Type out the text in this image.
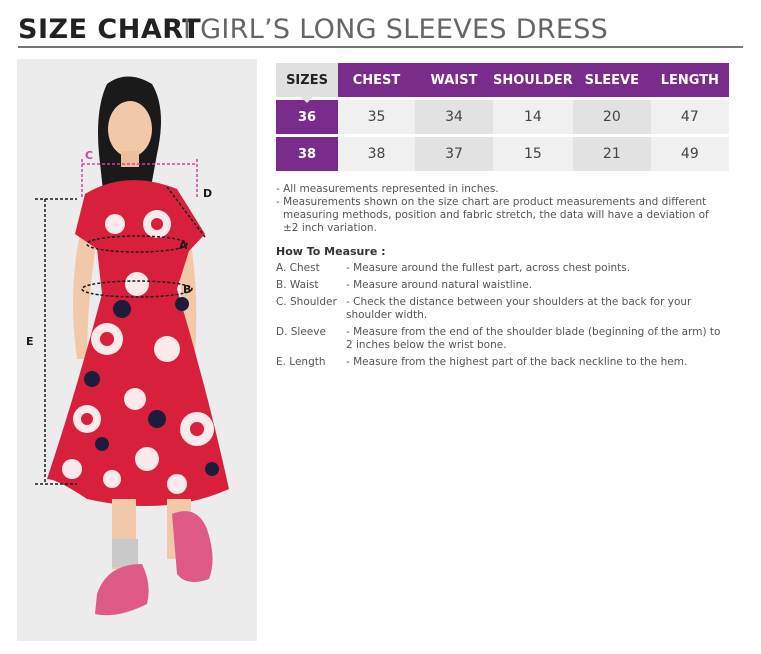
SIZE CHART
I GIRL’S LONG SLEEVES DRESS
C
D
A
B
E
SIZES	CHEST	WAIST	SHOULDER	SLEEVE	LENGTH
36	35	34	14	20	47
38	38	37	15	21	49

- All measurements represented in inches.

- Measurements shown on the size chart are product measurements and different measuring methods, position and fabric stretch, the data will have a deviation of ±2 inch variation.

How To Measure :
A. Chest	- Measure around the fullest part, across chest points.
B. Waist	- Measure around natural waistline.
C. Shoulder - Check the distance between your shoulders at the back for your shoulder width.
D. Sleeve	- Measure from the end of the shoulder blade (beginning of the arm) to 2 inches below the wrist bone.
E. Length	- Measure from the highest part of the back neckline to the hem.
